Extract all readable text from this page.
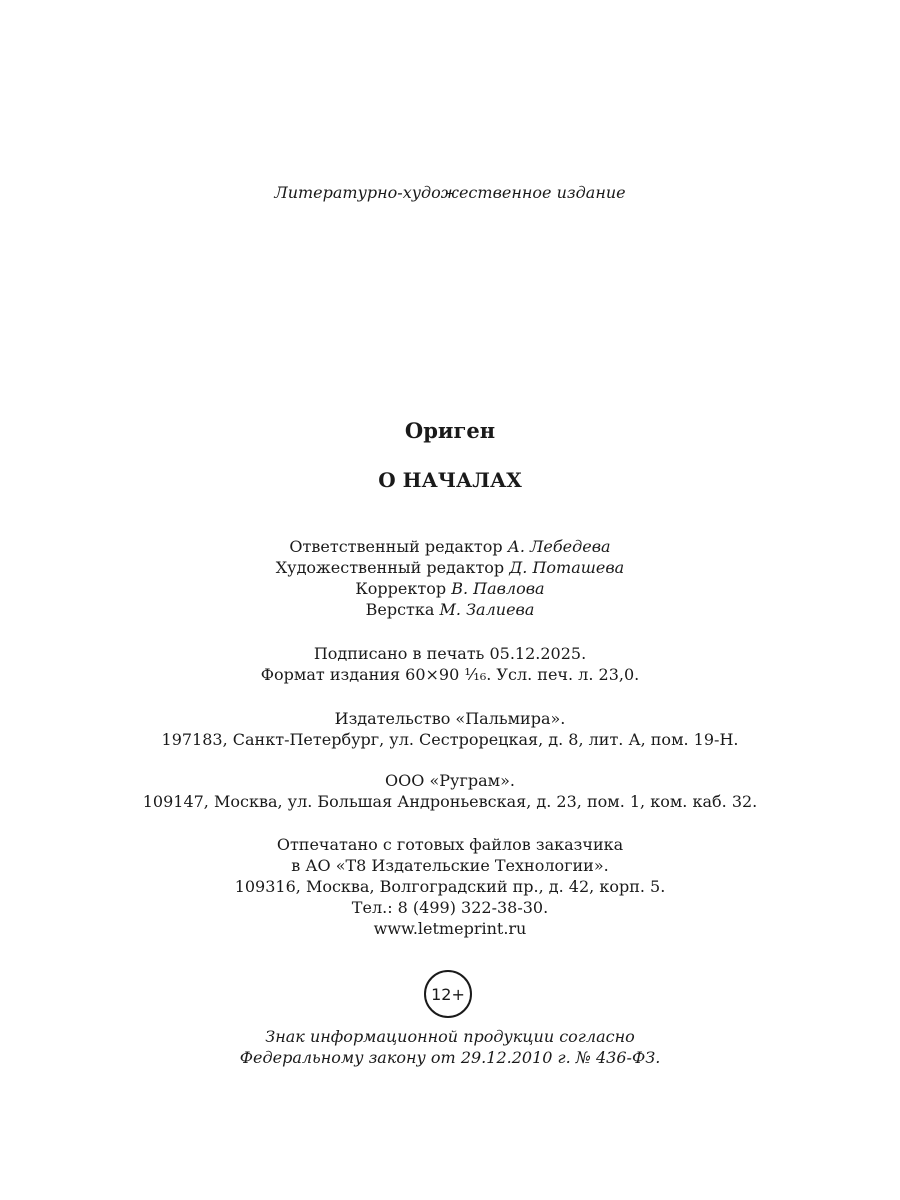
Литературно-художественное издание
Ориген
О НАЧАЛАХ
Ответственный редактор А. Лебедева
Художественный редактор Д. Поташева
Корректор В. Павлова
Верстка М. Залиева
Подписано в печать 05.12.2025.
Формат издания 60×90 ¹⁄₁₆. Усл. печ. л. 23,0.
Издательство «Пальмира».
197183, Санкт-Петербург, ул. Сестрорецкая, д. 8, лит. А, пом. 19-Н.
ООО «Руграм».
109147, Москва, ул. Большая Андроньевская, д. 23, пом. 1, ком. каб. 32.
Отпечатано с готовых файлов заказчика
в АО «Т8 Издательские Технологии».
109316, Москва, Волгоградский пр., д. 42, корп. 5.
Тел.: 8 (499) 322-38-30.
www.letmeprint.ru
12+
Знак информационной продукции согласно
Федеральному закону от 29.12.2010 г. № 436-ФЗ.
